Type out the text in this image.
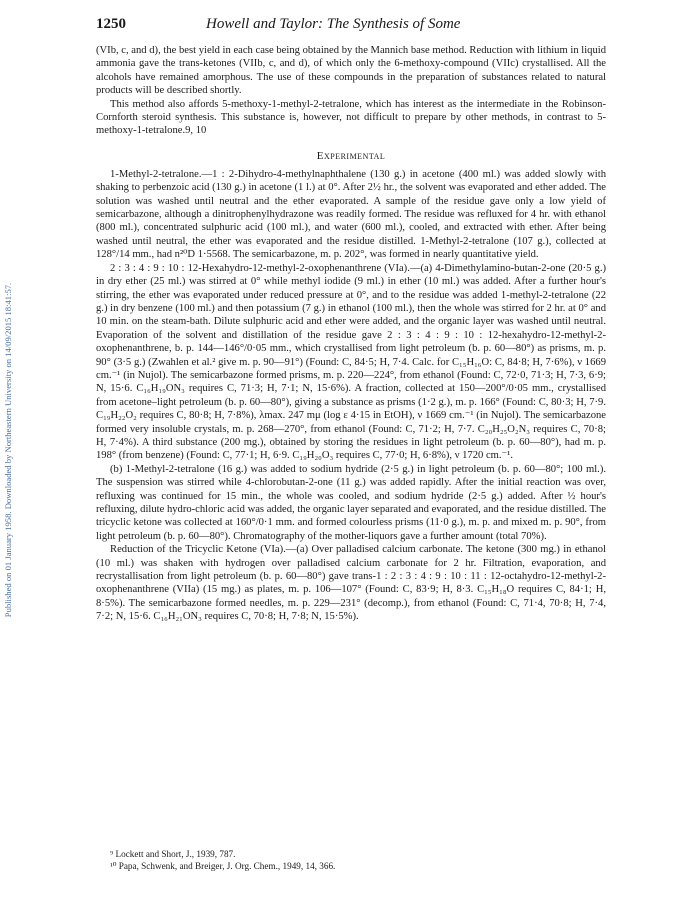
Published on 01 January 1958. Downloaded by Northeastern University on 14/09/2015 18:41:57.
1250	Howell and Taylor: The Synthesis of Some

(VIb, c, and d), the best yield in each case being obtained by the Mannich base method. Reduction with lithium in liquid ammonia gave the trans-ketones (VIIb, c, and d), of which only the 6-methoxy-compound (VIIc) crystallised. All the alcohols have remained amorphous. The use of these compounds in the preparation of substances related to natural products will be described shortly.

This method also affords 5-methoxy-1-methyl-2-tetralone, which has interest as the intermediate in the Robinson-Cornforth steroid synthesis. This substance is, however, not difficult to prepare by other methods, in contrast to 5-methoxy-1-tetralone.9, 10

Experimental

1-Methyl-2-tetralone.—1 : 2-Dihydro-4-methylnaphthalene (130 g.) in acetone (400 ml.) was added slowly with shaking to perbenzoic acid (130 g.) in acetone (1 l.) at 0°. After 2½ hr., the solvent was evaporated and ether added. The solution was washed until neutral and the ether evaporated. A sample of the residue gave only a low yield of semicarbazone, although a dinitrophenylhydrazone was readily formed. The residue was refluxed for 4 hr. with ethanol (800 ml.), concentrated sulphuric acid (100 ml.), and water (600 ml.), cooled, and extracted with ether. After being washed until neutral, the ether was evaporated and the residue distilled. 1-Methyl-2-tetralone (107 g.), collected at 128°/14 mm., had n²⁰D 1·5568. The semicarbazone, m. p. 202°, was formed in nearly quantitative yield.

2 : 3 : 4 : 9 : 10 : 12-Hexahydro-12-methyl-2-oxophenanthrene (VIa).—(a) 4-Dimethylamino-butan-2-one (20·5 g.) in dry ether (25 ml.) was stirred at 0° while methyl iodide (9 ml.) in ether (10 ml.) was added. After a further hour's stirring, the ether was evaporated under reduced pressure at 0°, and to the residue was added 1-methyl-2-tetralone (22 g.) in dry benzene (100 ml.) and then potassium (7 g.) in ethanol (100 ml.), then the whole was stirred for 2 hr. at 0° and 10 min. on the steam-bath. Dilute sulphuric acid and ether were added, and the organic layer was washed until neutral. Evaporation of the solvent and distillation of the residue gave 2 : 3 : 4 : 9 : 10 : 12-hexahydro-12-methyl-2-oxophenanthrene, b. p. 144—146°/0·05 mm., which crystallised from light petroleum (b. p. 60—80°) as prisms, m. p. 90° (3·5 g.) (Zwahlen et al.² give m. p. 90—91°) (Found: C, 84·5; H, 7·4. Calc. for C₁₅H₁₆O: C, 84·8; H, 7·6%), ν 1669 cm.⁻¹ (in Nujol). The semicarbazone formed prisms, m. p. 220—224°, from ethanol (Found: C, 72·0, 71·3; H, 7·3, 6·9; N, 15·6. C₁₆H₁₉ON₃ requires C, 71·3; H, 7·1; N, 15·6%). A fraction, collected at 150—200°/0·05 mm., crystallised from acetone–light petroleum (b. p. 60—80°), giving a substance as prisms (1·2 g.), m. p. 166° (Found: C, 80·3; H, 7·9. C₁₉H₂₂O₂ requires C, 80·8; H, 7·8%), λmax. 247 mμ (log ε 4·15 in EtOH), ν 1669 cm.⁻¹ (in Nujol). The semicarbazone formed very insoluble crystals, m. p. 268—270°, from ethanol (Found: C, 71·2; H, 7·7. C₂₀H₂₅O₂N₃ requires C, 70·8; H, 7·4%). A third substance (200 mg.), obtained by storing the residues in light petroleum (b. p. 60—80°), had m. p. 198° (from benzene) (Found: C, 77·1; H, 6·9. C₁₉H₂₀O₃ requires C, 77·0; H, 6·8%), ν 1720 cm.⁻¹.

(b) 1-Methyl-2-tetralone (16 g.) was added to sodium hydride (2·5 g.) in light petroleum (b. p. 60—80°; 100 ml.). The suspension was stirred while 4-chlorobutan-2-one (11 g.) was added rapidly. After the initial reaction was over, refluxing was continued for 15 min., the whole was cooled, and sodium hydride (2·5 g.) added. After ½ hour's refluxing, dilute hydro-chloric acid was added, the organic layer separated and evaporated, and the residue distilled. The tricyclic ketone was collected at 160°/0·1 mm. and formed colourless prisms (11·0 g.), m. p. and mixed m. p. 90°, from light petroleum (b. p. 60—80°). Chromatography of the mother-liquors gave a further amount (total 70%).

Reduction of the Tricyclic Ketone (VIa).—(a) Over palladised calcium carbonate. The ketone (300 mg.) in ethanol (10 ml.) was shaken with hydrogen over palladised calcium carbonate for 2 hr. Filtration, evaporation, and recrystallisation from light petroleum (b. p. 60—80°) gave trans-1 : 2 : 3 : 4 : 9 : 10 : 11 : 12-octahydro-12-methyl-2-oxophenanthrene (VIIa) (15 mg.) as plates, m. p. 106—107° (Found: C, 83·9; H, 8·3. C₁₅H₁₈O requires C, 84·1; H, 8·5%). The semicarbazone formed needles, m. p. 229—231° (decomp.), from ethanol (Found: C, 71·4, 70·8; H, 7·4, 7·2; N, 15·6. C₁₆H₂₁ON₃ requires C, 70·8; H, 7·8; N, 15·5%).

⁹ Lockett and Short, J., 1939, 787.

¹⁰ Papa, Schwenk, and Breiger, J. Org. Chem., 1949, 14, 366.
